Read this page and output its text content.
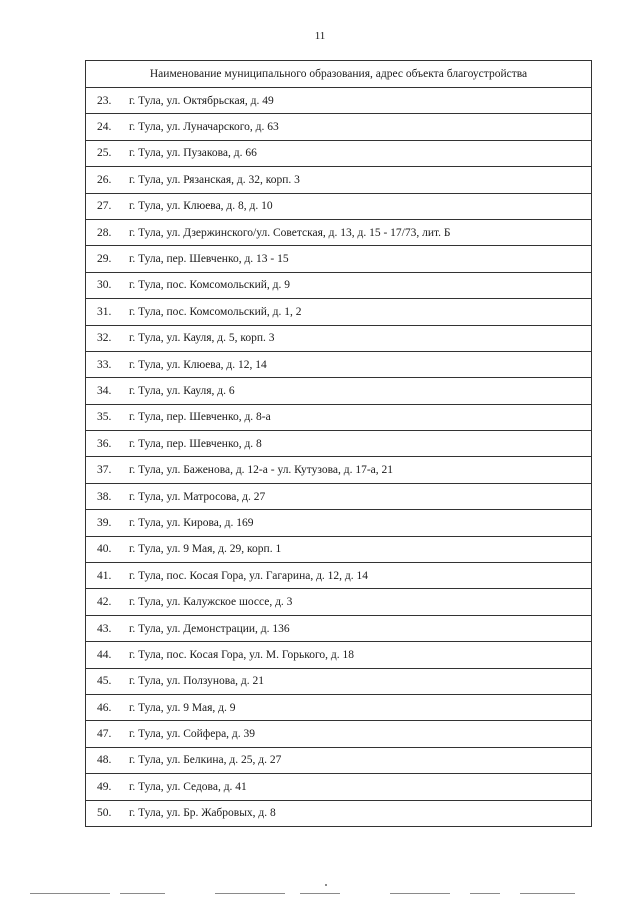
11
Наименование муниципального образования, адрес объекта благоустройства
23. г. Тула, ул. Октябрьская, д. 49
24. г. Тула, ул. Луначарского, д. 63
25. г. Тула, ул. Пузакова, д. 66
26. г. Тула, ул. Рязанская, д. 32, корп. 3
27. г. Тула, ул. Клюева, д. 8, д. 10
28. г. Тула, ул. Дзержинского/ул. Советская, д. 13, д. 15 - 17/73, лит. Б
29. г. Тула, пер. Шевченко, д. 13 - 15
30. г. Тула, пос. Комсомольский, д. 9
31. г. Тула, пос. Комсомольский, д. 1, 2
32. г. Тула, ул. Кауля, д. 5, корп. 3
33. г. Тула, ул. Клюева, д. 12, 14
34. г. Тула, ул. Кауля, д. 6
35. г. Тула, пер. Шевченко, д. 8-а
36. г. Тула, пер. Шевченко, д. 8
37. г. Тула, ул. Баженова, д. 12-а - ул. Кутузова, д. 17-а, 21
38. г. Тула, ул. Матросова, д. 27
39. г. Тула, ул. Кирова, д. 169
40. г. Тула, ул. 9 Мая, д. 29, корп. 1
41. г. Тула, пос. Косая Гора, ул. Гагарина, д. 12, д. 14
42. г. Тула, ул. Калужское шоссе, д. 3
43. г. Тула, ул. Демонстрации, д. 136
44. г. Тула, пос. Косая Гора, ул. М. Горького, д. 18
45. г. Тула, ул. Ползунова, д. 21
46. г. Тула, ул. 9 Мая, д. 9
47. г. Тула, ул. Сойфера, д. 39
48. г. Тула, ул. Белкина, д. 25, д. 27
49. г. Тула, ул. Седова, д. 41
50. г. Тула, ул. Бр. Жабровых, д. 8
